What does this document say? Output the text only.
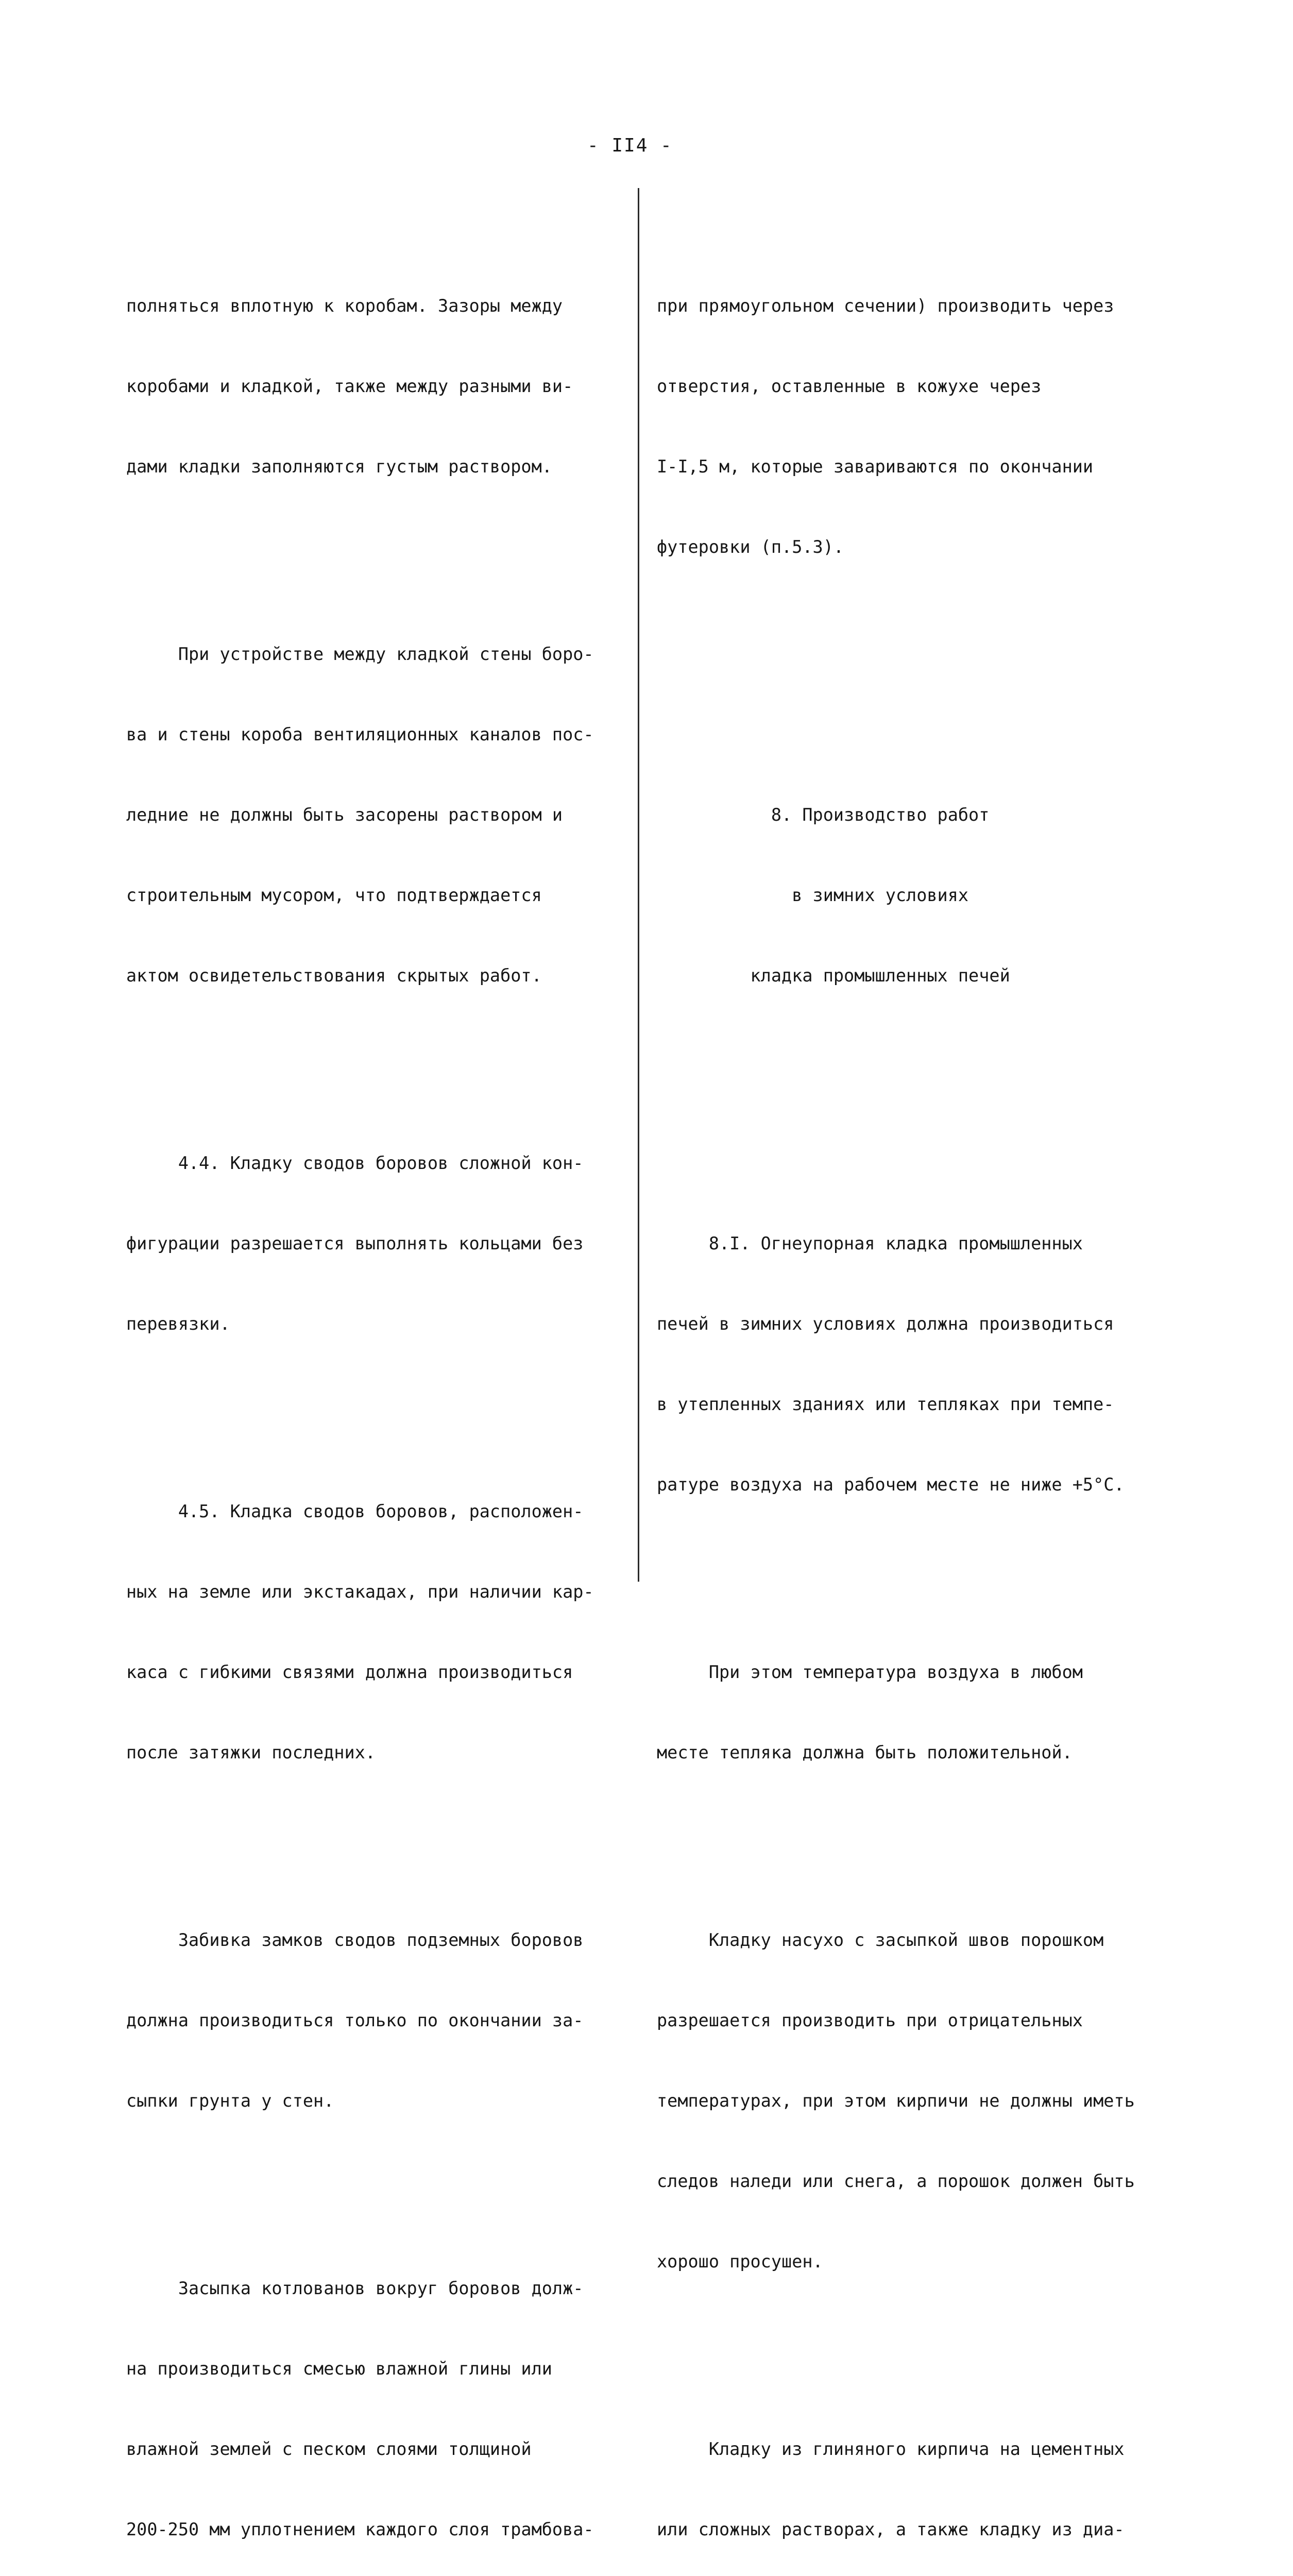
- II4 -

полняться вплотную к коробам. Зазоры между

коробами и кладкой, также между разными ви-

дами кладки заполняются густым раствором.

При устройстве между кладкой стены боро-

ва и стены короба вентиляционных каналов пос-

ледние не должны быть засорены раствором и

строительным мусором, что подтверждается

актом освидетельствования скрытых работ.

4.4. Кладку сводов боровов сложной кон-

фигурации разрешается выполнять кольцами без

перевязки.

4.5. Кладка сводов боровов, расположен-

ных на земле или экстакадах, при наличии кар-

каса с гибкими связями должна производиться

после затяжки последних.

Забивка замков сводов подземных боровов

должна производиться только по окончании за-

сыпки грунта у стен.

Засыпка котлованов вокруг боровов долж-

на производиться смесью влажной глины или

влажной землей с песком слоями толщиной

200-250 мм уплотнением каждого слоя трамбова-

при прямоугольном сечении) производить через

отверстия, оставленные в кожухе через

I-I,5 м, которые завариваются по окончании

футеровки (п.5.3).

8. Производство работ

в зимних условиях

кладка промышленных печей

8.I. Огнеупорная кладка промышленных

печей в зимних условиях должна производиться

в утепленных зданиях или тепляках при темпе-

ратуре воздуха на рабочем месте не ниже +5°С.

При этом температура воздуха в любом

месте тепляка должна быть положительной.

Кладку насухо с засыпкой швов порошком

разрешается производить при отрицательных

температурах, при этом кирпичи не должны иметь

следов наледи или снега, а порошок должен быть

хорошо просушен.

Кладку из глиняного кирпича на цементных

или сложных растворах, а также кладку из диа-
